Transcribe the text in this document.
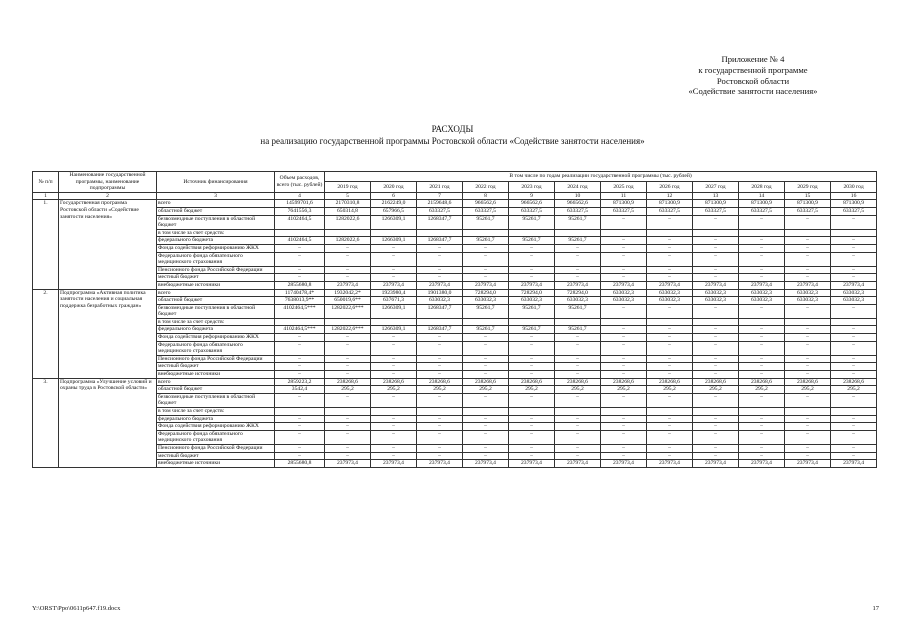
Приложение № 4
к государственной программе
Ростовской области
«Содействие занятости населения»
РАСХОДЫ
на реализацию государственной программы Ростовской области «Содействие занятости населения»
№ п/п	Наименование государственной программы, наименование подпрограммы	Источник финансирования	Объем расходов, всего (тыс. рублей)	В том числе по годам реализации государственной программы (тыс. рублей)											
				2019 год	2020 год	2021 год	2022 год	2023 год	2024 год	2025 год	2026 год	2027 год	2028 год	2029 год	2030 год
1	2	3	4	5	6	7	8	9	10	11	12	13	14	15	16
1.	Государственная программа Ростовской области «Содействие занятости населения»	всего	14599701,6	2170310,8	2162249,0	2159648,6	966562,6	966562,6	966562,6	871300,9	871300,9	871300,9	871300,9	871300,9	871300,9
		областной бюджет	7641556,3	650314,8	657966,5	633327,5	633327,5	633327,5	633327,5	633327,5	633327,5	633327,5	633327,5	633327,5	633327,5
		безвозмездные поступления в областной бюджет	4102464,5	1282022,6	1266309,1	1268347,7	95261,7	95261,7	95261,7	–	–	–	–	–	–
		в том числе за счет средств:													
		федерального бюджета	4102464,5	1282022,6	1266309,1	1268347,7	95261,7	95261,7	95261,7	–	–	–	–	–	–
		Фонда содействия реформированию ЖКХ	–	–	–	–	–	–	–	–	–	–	–	–	–
		Федерального фонда обязательного медицинского страхования	–	–	–	–	–	–	–	–	–	–	–	–	–
		Пенсионного фонда Российской Федерации	–	–	–	–	–	–	–	–	–	–	–	–	–
		местный бюджет	–	–	–	–	–	–	–	–	–	–	–	–	–
		внебюджетные источники	2855680,8	237973,4	237973,4	237973,4	237973,4	237973,4	237973,4	237973,4	237973,4	237973,4	237973,4	237973,4	237973,4
2.	Подпрограмма «Активная политика занятости населения и социальная поддержка безработных граждан»	всего	11740478,4*	1932042,2*	1923980,4	1901380,0	728294,0	728294,0	728294,0	633032,3	633032,3	633032,3	633032,3	633032,3	633032,3
		областной бюджет	7638013,9**	650019,6**	637671,3	633032,3	633032,3	633032,3	633032,3	633032,3	633032,3	633032,3	633032,3	633032,3	633032,3
		безвозмездные поступления в областной бюджет	4102464,5***	1282022,6***	1266309,1	1268347,7	95261,7	95261,7	95261,7	–	–	–	–	–	–
		в том числе за счет средств:													
		федерального бюджета	4102464,5***	1282022,6***	1266309,1	1268347,7	95261,7	95261,7	95261,7	–	–	–	–	–	–
		Фонда содействия реформированию ЖКХ	–	–	–	–	–	–	–	–	–	–	–	–	–
		Федерального фонда обязательного медицинского страхования	–	–	–	–	–	–	–	–	–	–	–	–	–
		Пенсионного фонда Российской Федерации	–	–	–	–	–	–	–	–	–	–	–	–	–
		местный бюджет	–	–	–	–	–	–	–	–	–	–	–	–	–
		внебюджетные источники	–	–	–	–	–	–	–	–	–	–	–	–	–
3.	Подпрограмма «Улучшение условий и охраны труда в Ростовской области»	всего	2859223,2	238268,6	238268,6	238268,6	238268,6	238268,6	238268,6	238268,6	238268,6	238268,6	238268,6	238268,6	238268,6
		областной бюджет	3542,4	295,2	295,2	295,2	295,2	295,2	295,2	295,2	295,2	295,2	295,2	295,2	295,2
		безвозмездные поступления в областной бюджет	–	–	–	–	–	–	–	–	–	–	–	–	–
		в том числе за счет средств:													
		федерального бюджета	–	–	–	–	–	–	–	–	–	–	–	–	–
		Фонда содействия реформированию ЖКХ	–	–	–	–	–	–	–	–	–	–	–	–	–
		Федерального фонда обязательного медицинского страхования	–	–	–	–	–	–	–	–	–	–	–	–	–
		Пенсионного фонда Российской Федерации	–	–	–	–	–	–	–	–	–	–	–	–	–
		местный бюджет	–	–	–	–	–	–	–	–	–	–	–	–	–
		внебюджетные источники	2855680,8	237973,4	237973,4	237973,4	237973,4	237973,4	237973,4	237973,4	237973,4	237973,4	237973,4	237973,4	237973,4
Y:\ORST\Ppo\0611p647.f19.docx	17
